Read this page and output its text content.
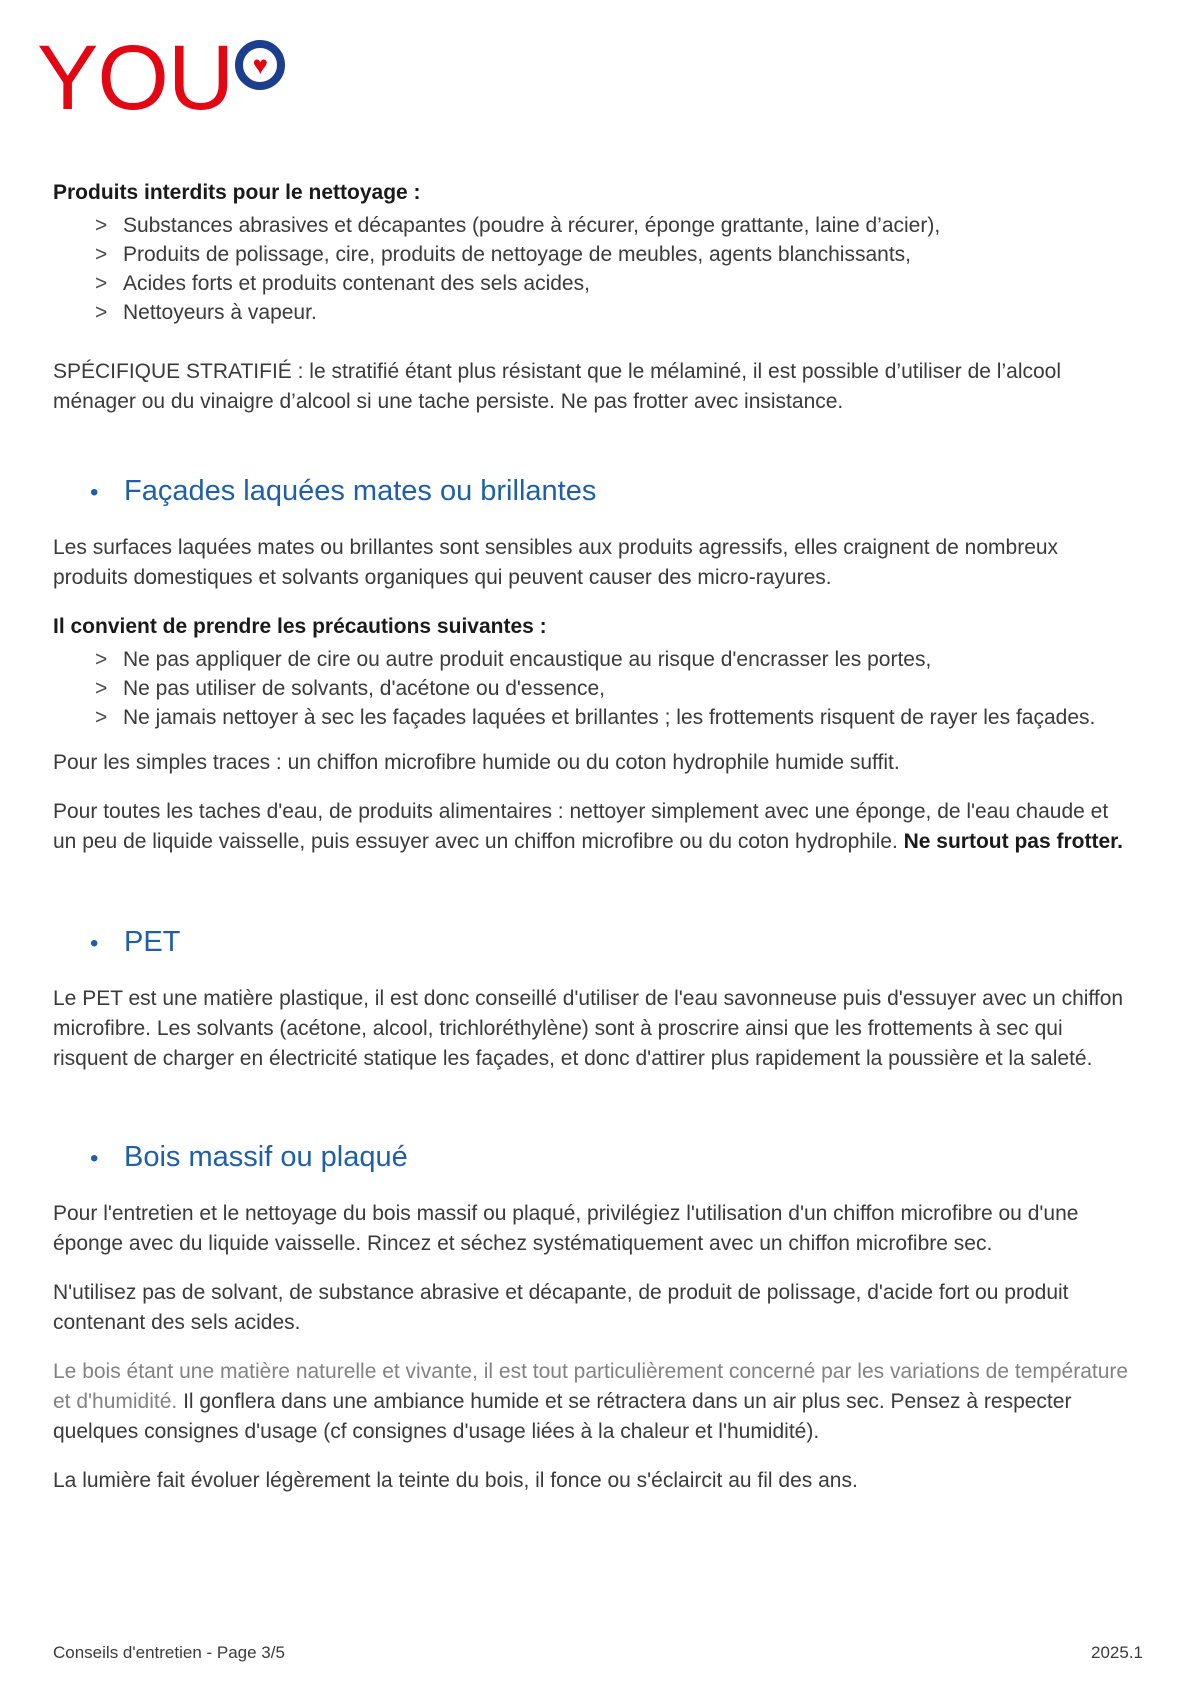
YOU ♥

Produits interdits pour le nettoyage :

> Substances abrasives et décapantes (poudre à récurer, éponge grattante, laine d’acier),
> Produits de polissage, cire, produits de nettoyage de meubles, agents blanchissants,
> Acides forts et produits contenant des sels acides,
> Nettoyeurs à vapeur.

SPÉCIFIQUE STRATIFIÉ : le stratifié étant plus résistant que le mélaminé, il est possible d’utiliser de l’alcool ménager ou du vinaigre d’alcool si une tache persiste. Ne pas frotter avec insistance.

• Façades laquées mates ou brillantes

Les surfaces laquées mates ou brillantes sont sensibles aux produits agressifs, elles craignent de nombreux produits domestiques et solvants organiques qui peuvent causer des micro-rayures.

Il convient de prendre les précautions suivantes :

> Ne pas appliquer de cire ou autre produit encaustique au risque d'encrasser les portes,
> Ne pas utiliser de solvants, d'acétone ou d'essence,
> Ne jamais nettoyer à sec les façades laquées et brillantes ; les frottements risquent de rayer les façades.

Pour les simples traces : un chiffon microfibre humide ou du coton hydrophile humide suffit.

Pour toutes les taches d'eau, de produits alimentaires : nettoyer simplement avec une éponge, de l'eau chaude et un peu de liquide vaisselle, puis essuyer avec un chiffon microfibre ou du coton hydrophile. Ne surtout pas frotter.

• PET

Le PET est une matière plastique, il est donc conseillé d'utiliser de l'eau savonneuse puis d'essuyer avec un chiffon microfibre. Les solvants (acétone, alcool, trichloréthylène) sont à proscrire ainsi que les frottements à sec qui risquent de charger en électricité statique les façades, et donc d'attirer plus rapidement la poussière et la saleté.

• Bois massif ou plaqué

Pour l'entretien et le nettoyage du bois massif ou plaqué, privilégiez l'utilisation d'un chiffon microfibre ou d'une éponge avec du liquide vaisselle. Rincez et séchez systématiquement avec un chiffon microfibre sec.

N'utilisez pas de solvant, de substance abrasive et décapante, de produit de polissage, d'acide fort ou produit contenant des sels acides.

Le bois étant une matière naturelle et vivante, il est tout particulièrement concerné par les variations de température et d'humidité. Il gonflera dans une ambiance humide et se rétractera dans un air plus sec. Pensez à respecter quelques consignes d'usage (cf consignes d'usage liées à la chaleur et l'humidité).

La lumière fait évoluer légèrement la teinte du bois, il fonce ou s'éclaircit au fil des ans.

Conseils d'entretien - Page 3/5	2025.1
